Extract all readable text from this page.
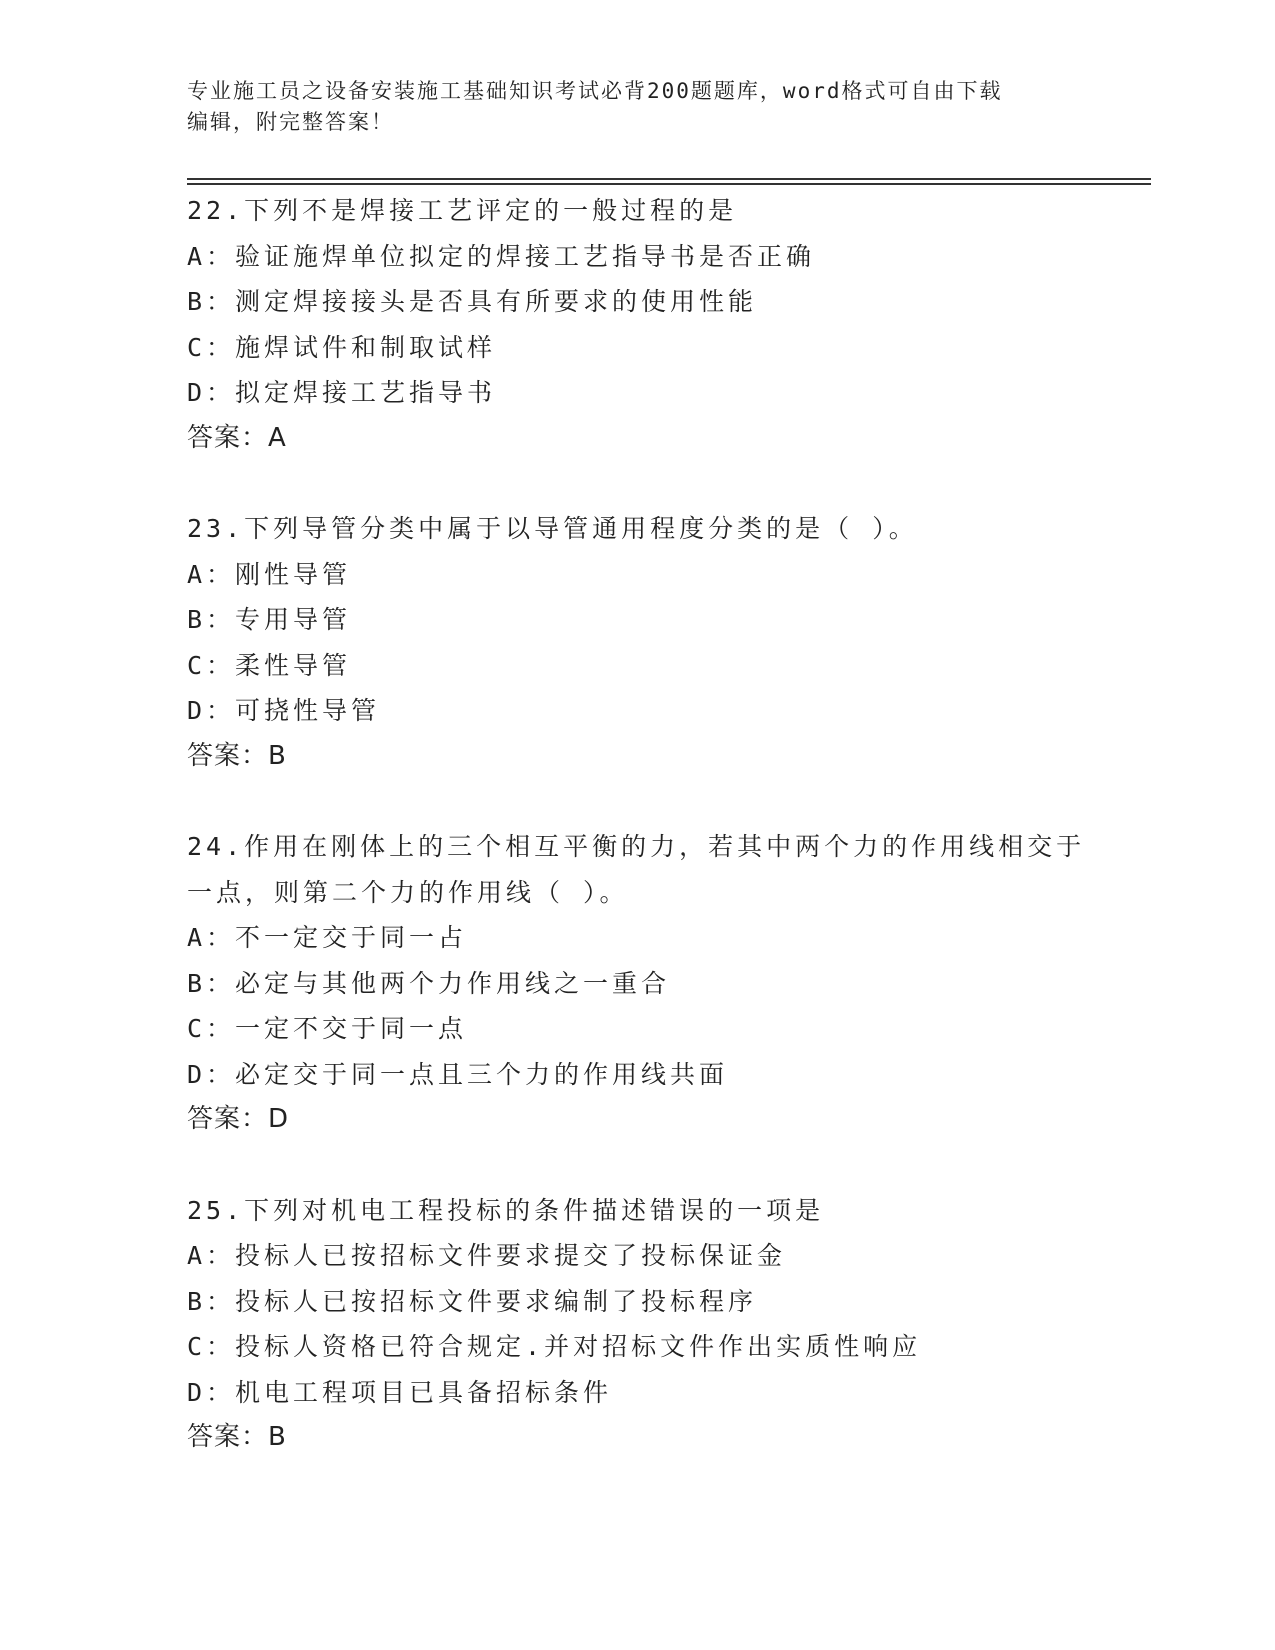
专业施工员之设备安装施工基础知识考试必背200题题库，word格式可自由下载
编辑，附完整答案！
22.下列不是焊接工艺评定的一般过程的是
A：验证施焊单位拟定的焊接工艺指导书是否正确
B：测定焊接接头是否具有所要求的使用性能
C：施焊试件和制取试样
D：拟定焊接工艺指导书
答案：A
23.下列导管分类中属于以导管通用程度分类的是（ ）。
A：刚性导管
B：专用导管
C：柔性导管
D：可挠性导管
答案：B
24.作用在刚体上的三个相互平衡的力，若其中两个力的作用线相交于
一点，则第二个力的作用线（ ）。
A：不一定交于同一占
B：必定与其他两个力作用线之一重合
C：一定不交于同一点
D：必定交于同一点且三个力的作用线共面
答案：D
25.下列对机电工程投标的条件描述错误的一项是
A：投标人已按招标文件要求提交了投标保证金
B：投标人已按招标文件要求编制了投标程序
C：投标人资格已符合规定.并对招标文件作出实质性响应
D：机电工程项目已具备招标条件
答案：B
